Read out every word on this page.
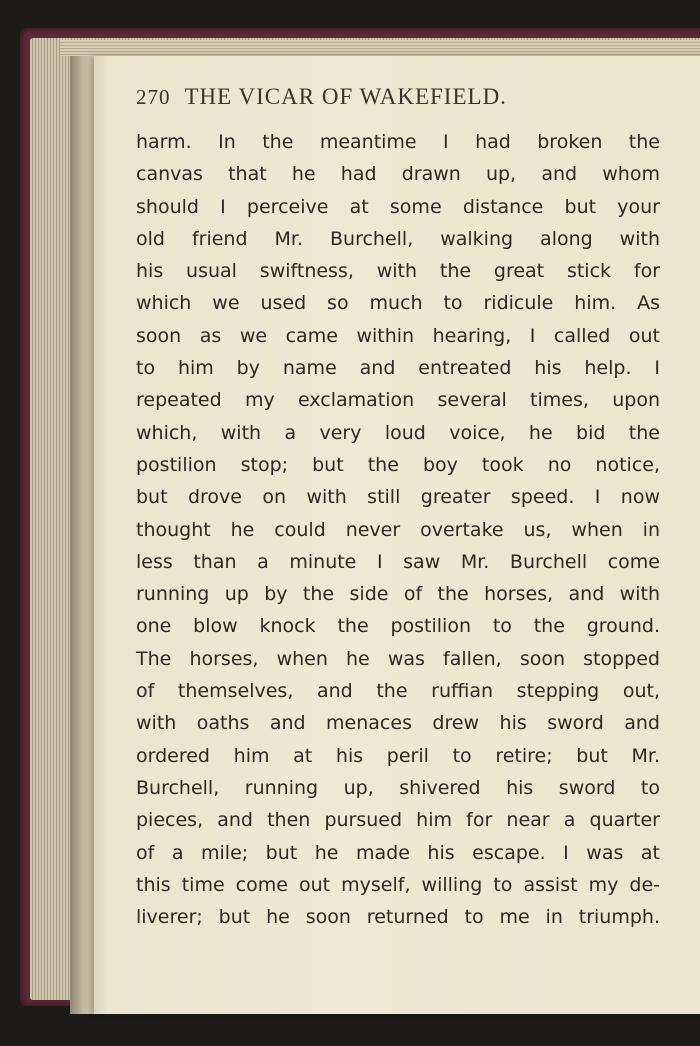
270 THE VICAR OF WAKEFIELD.
harm. In the meantime I had broken the
canvas that he had drawn up, and whom
should I perceive at some distance but your
old friend Mr. Burchell, walking along with
his usual swiftness, with the great stick for
which we used so much to ridicule him. As
soon as we came within hearing, I called out
to him by name and entreated his help. I
repeated my exclamation several times, upon
which, with a very loud voice, he bid the
postilion stop; but the boy took no notice,
but drove on with still greater speed. I now
thought he could never overtake us, when in
less than a minute I saw Mr. Burchell come
running up by the side of the horses, and with
one blow knock the postilion to the ground.
The horses, when he was fallen, soon stopped
of themselves, and the ruffian stepping out,
with oaths and menaces drew his sword and
ordered him at his peril to retire; but Mr.
Burchell, running up, shivered his sword to
pieces, and then pursued him for near a quarter
of a mile; but he made his escape. I was at
this time come out myself, willing to assist my de-
liverer; but he soon returned to me in triumph.
